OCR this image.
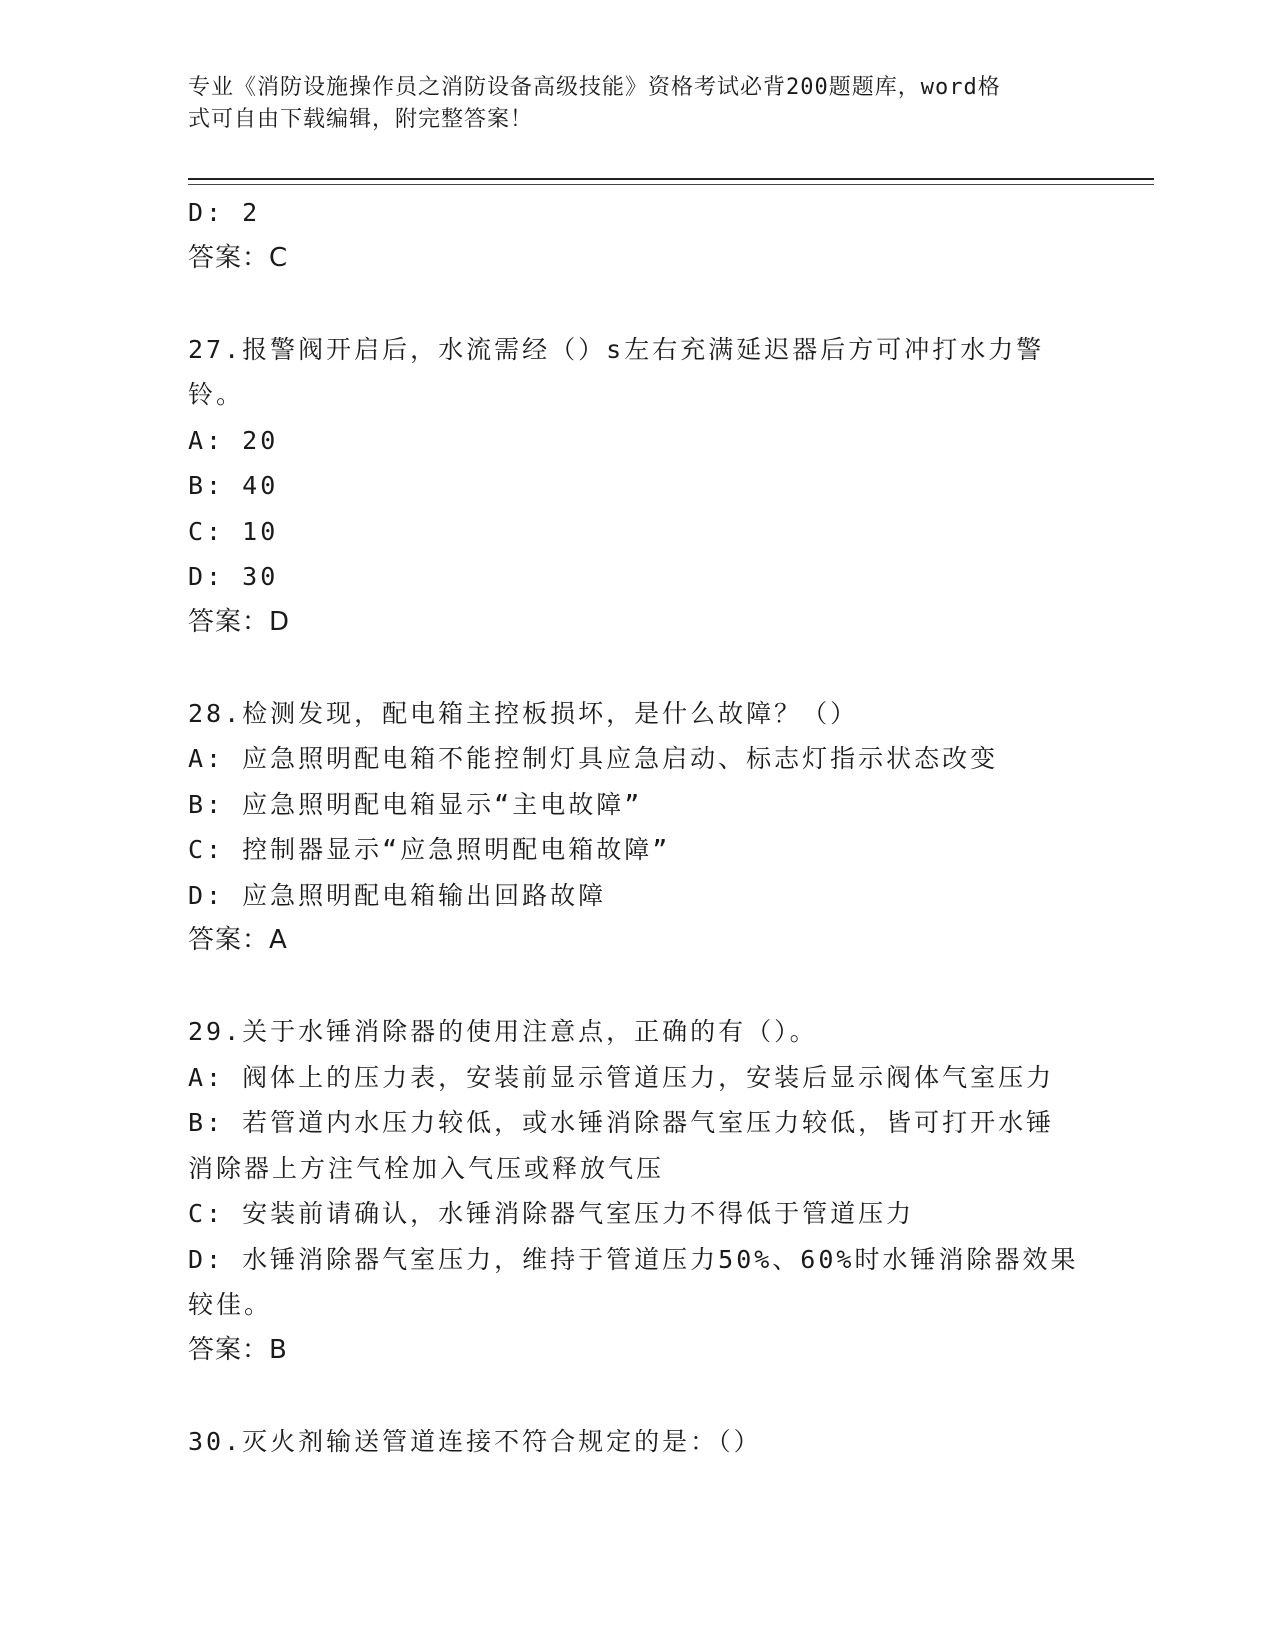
专业《消防设施操作员之消防设备高级技能》资格考试必背200题题库，word格
式可自由下载编辑，附完整答案！
D: 2
答案：C
27.报警阀开启后，水流需经（）s左右充满延迟器后方可冲打水力警
铃。
A: 20
B: 40
C: 10
D: 30
答案：D
28.检测发现，配电箱主控板损坏，是什么故障？（）
A: 应急照明配电箱不能控制灯具应急启动、标志灯指示状态改变
B: 应急照明配电箱显示“主电故障”
C: 控制器显示“应急照明配电箱故障”
D: 应急照明配电箱输出回路故障
答案：A
29.关于水锤消除器的使用注意点，正确的有（）。
A: 阀体上的压力表，安装前显示管道压力，安装后显示阀体气室压力
B: 若管道内水压力较低，或水锤消除器气室压力较低，皆可打开水锤
消除器上方注气栓加入气压或释放气压
C: 安装前请确认，水锤消除器气室压力不得低于管道压力
D: 水锤消除器气室压力，维持于管道压力50%、60%时水锤消除器效果
较佳。
答案：B
30.灭火剂输送管道连接不符合规定的是：（）
